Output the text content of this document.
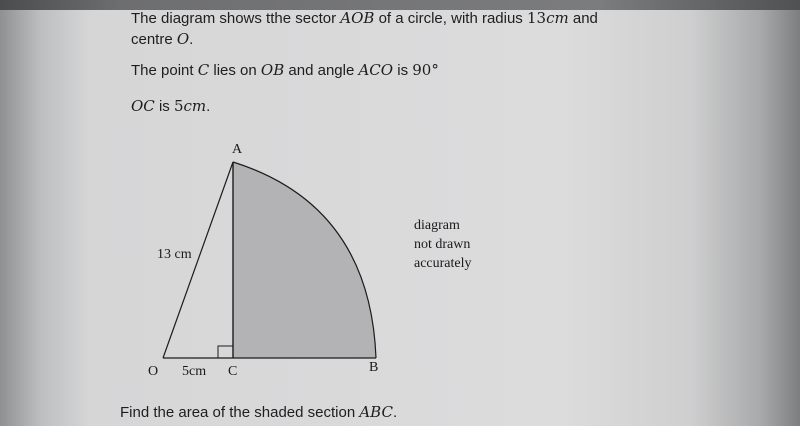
The diagram shows tthe sector AOB of a circle, with radius 13cm and
centre O.

The point C lies on OB and angle ACO is 90°

OC is 5cm.

A
13 cm
O 5cm C	B
diagram
not drawn
accurately

Find the area of the shaded section ABC.
